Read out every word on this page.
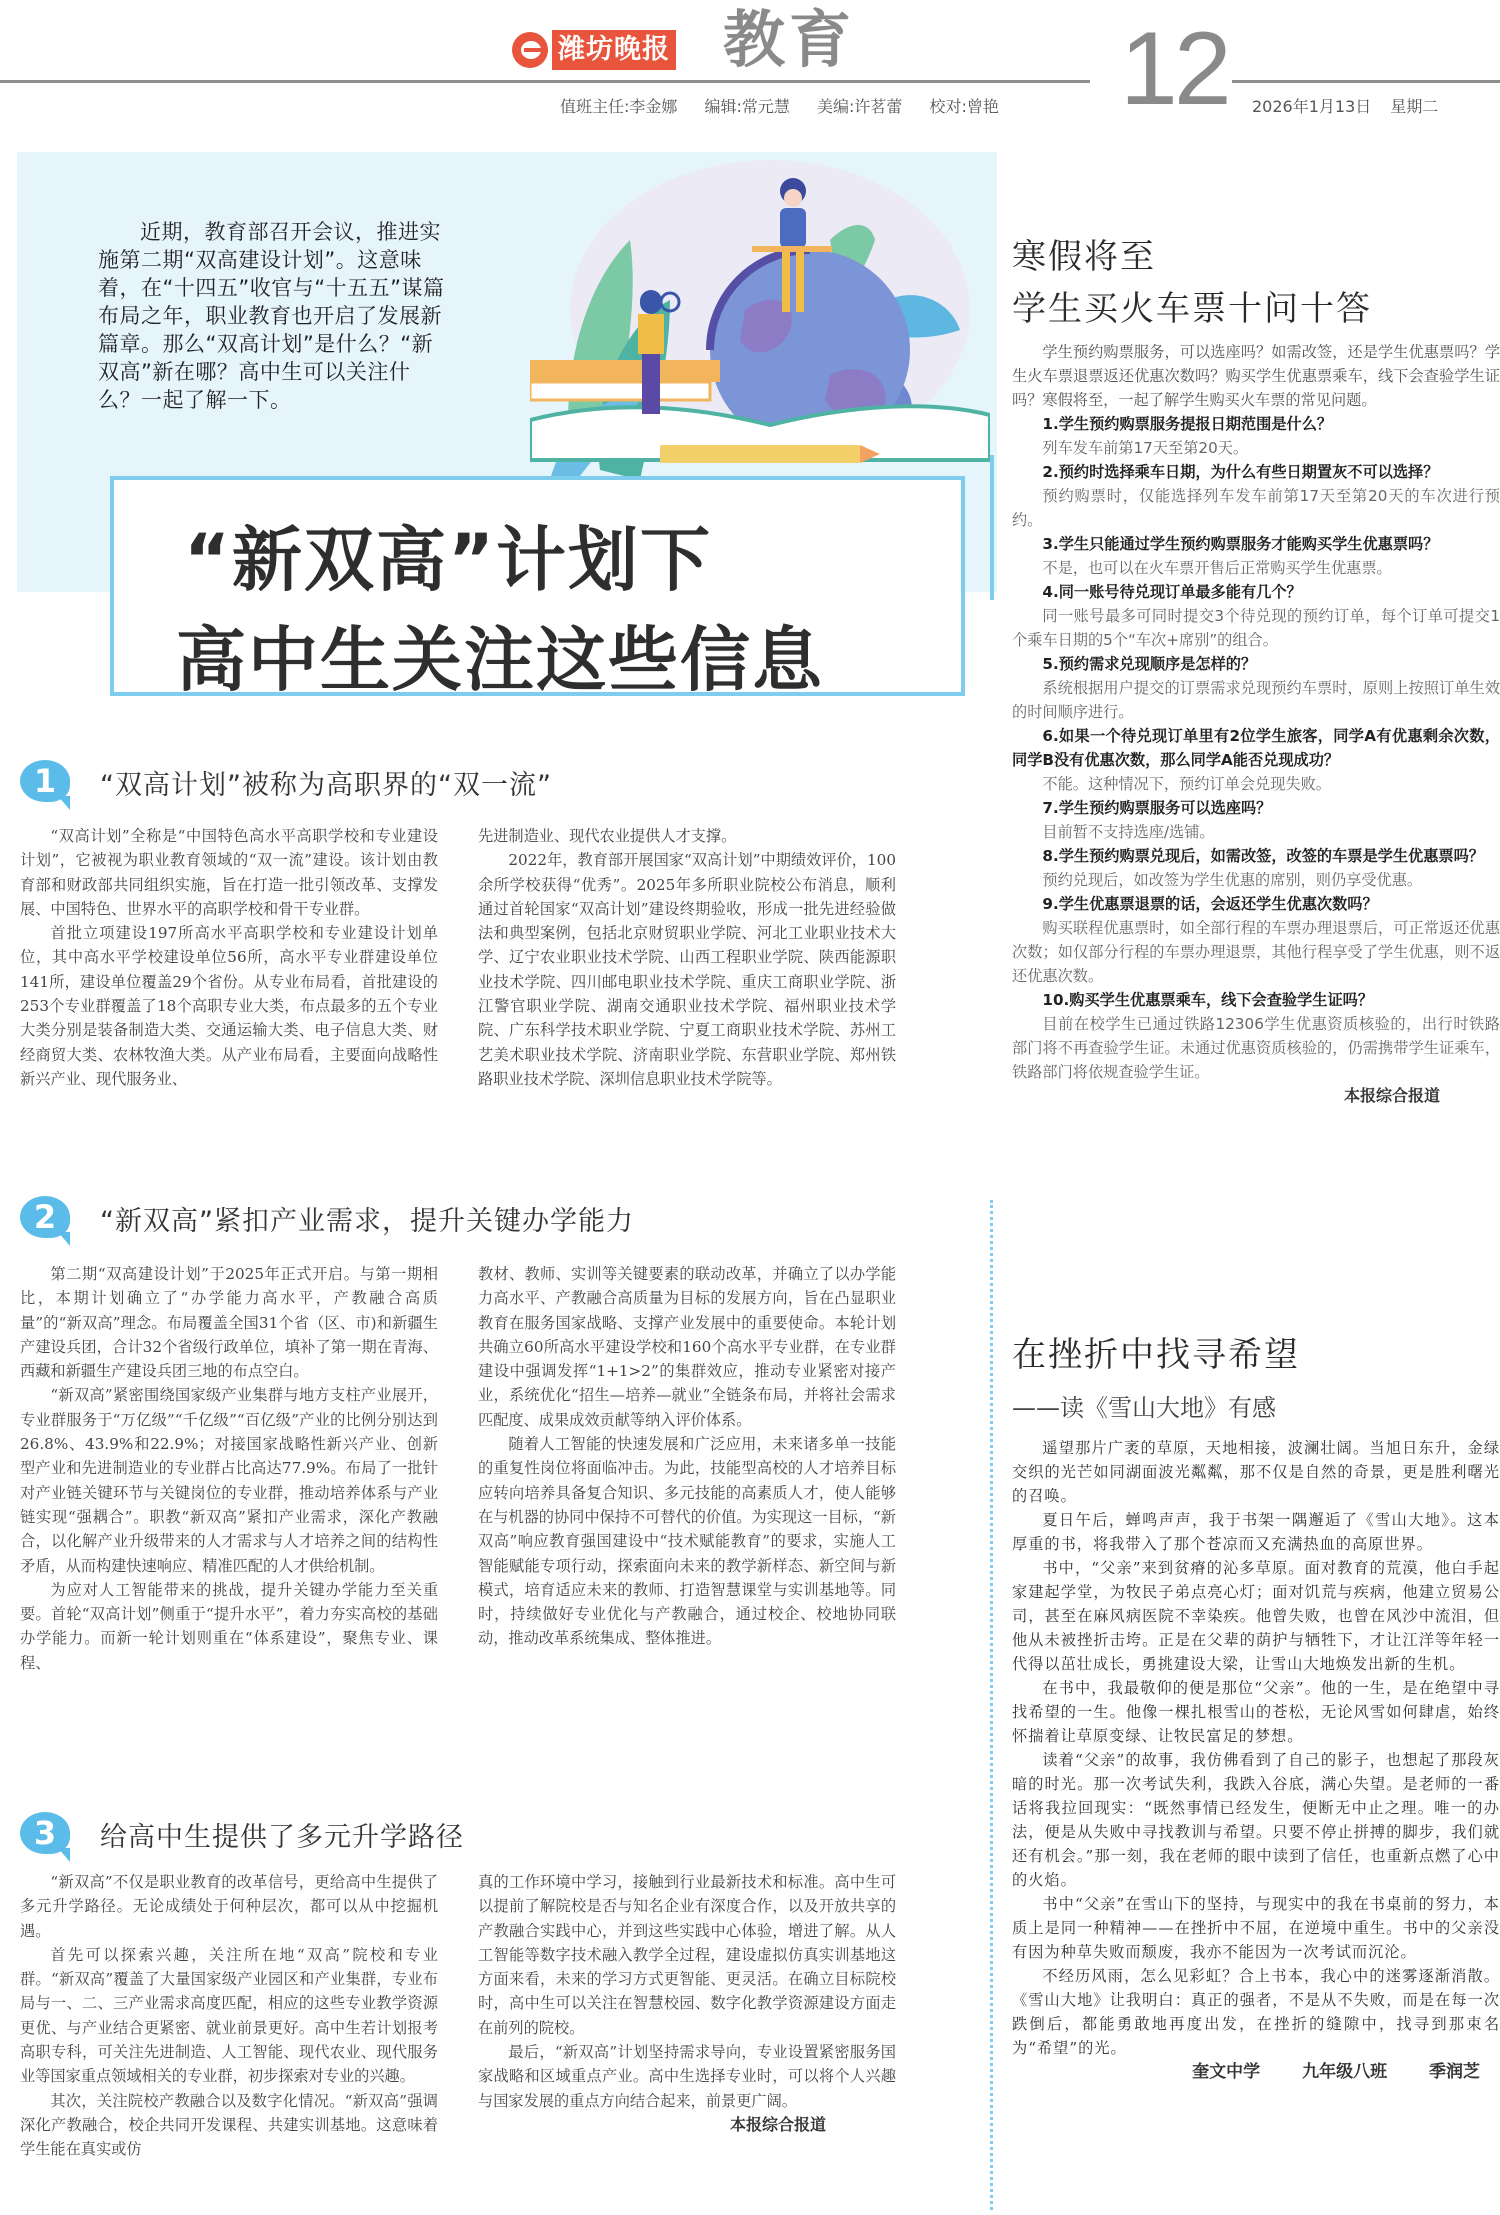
潍坊晚报 教育	12
值班主任:李金娜 编辑:常元慧 美编:许茗蕾 校对:曾艳	2026年1月13日 星期二

近期，教育部召开会议，推进实施第二期“双高建设计划”。这意味着，在“十四五”收官与“十五五”谋篇布局之年，职业教育也开启了发展新篇章。那么“双高计划”是什么？“新双高”新在哪？高中生可以关注什么？一起了解一下。

“新双高”计划下
高中生关注这些信息
1	“双高计划”被称为高职界的“双一流”

“双高计划”全称是“中国特色高水平高职学校和专业建设计划”，它被视为职业教育领域的“双一流”建设。该计划由教育部和财政部共同组织实施，旨在打造一批引领改革、支撑发展、中国特色、世界水平的高职学校和骨干专业群。

首批立项建设197所高水平高职学校和专业建设计划单位，其中高水平学校建设单位56所，高水平专业群建设单位141所，建设单位覆盖29个省份。从专业布局看，首批建设的253个专业群覆盖了18个高职专业大类，布点最多的五个专业大类分别是装备制造大类、交通运输大类、电子信息大类、财经商贸大类、农林牧渔大类。从产业布局看，主要面向战略性新兴产业、现代服务业、

先进制造业、现代农业提供人才支撑。

2022年，教育部开展国家“双高计划”中期绩效评价，100余所学校获得“优秀”。2025年多所职业院校公布消息，顺利通过首轮国家“双高计划”建设终期验收，形成一批先进经验做法和典型案例，包括北京财贸职业学院、河北工业职业技术大学、辽宁农业职业技术学院、山西工程职业学院、陕西能源职业技术学院、四川邮电职业技术学院、重庆工商职业学院、浙江警官职业学院、湖南交通职业技术学院、福州职业技术学院、广东科学技术职业学院、宁夏工商职业技术学院、苏州工艺美术职业技术学院、济南职业学院、东营职业学院、郑州铁路职业技术学院、深圳信息职业技术学院等。

2	“新双高”紧扣产业需求，提升关键办学能力

第二期“双高建设计划”于2025年正式开启。与第一期相比，本期计划确立了“办学能力高水平，产教融合高质量”的“新双高”理念。布局覆盖全国31个省（区、市)和新疆生产建设兵团，合计32个省级行政单位，填补了第一期在青海、西藏和新疆生产建设兵团三地的布点空白。

“新双高”紧密围绕国家级产业集群与地方支柱产业展开，专业群服务于“万亿级”“千亿级”“百亿级”产业的比例分别达到26.8%、43.9%和22.9%；对接国家战略性新兴产业、创新型产业和先进制造业的专业群占比高达77.9%。布局了一批针对产业链关键环节与关键岗位的专业群，推动培养体系与产业链实现“强耦合”。职教“新双高”紧扣产业需求，深化产教融合，以化解产业升级带来的人才需求与人才培养之间的结构性矛盾，从而构建快速响应、精准匹配的人才供给机制。

为应对人工智能带来的挑战，提升关键办学能力至关重要。首轮“双高计划”侧重于“提升水平”，着力夯实高校的基础办学能力。而新一轮计划则重在“体系建设”，聚焦专业、课程、

教材、教师、实训等关键要素的联动改革，并确立了以办学能力高水平、产教融合高质量为目标的发展方向，旨在凸显职业教育在服务国家战略、支撑产业发展中的重要使命。本轮计划共确立60所高水平建设学校和160个高水平专业群，在专业群建设中强调发挥“1+1>2”的集群效应，推动专业紧密对接产业，系统优化“招生—培养—就业”全链条布局，并将社会需求匹配度、成果成效贡献等纳入评价体系。

随着人工智能的快速发展和广泛应用，未来诸多单一技能的重复性岗位将面临冲击。为此，技能型高校的人才培养目标应转向培养具备复合知识、多元技能的高素质人才，使人能够在与机器的协同中保持不可替代的价值。为实现这一目标，“新双高”响应教育强国建设中“技术赋能教育”的要求，实施人工智能赋能专项行动，探索面向未来的教学新样态、新空间与新模式，培育适应未来的教师、打造智慧课堂与实训基地等。同时，持续做好专业优化与产教融合，通过校企、校地协同联动，推动改革系统集成、整体推进。

3	给高中生提供了多元升学路径

“新双高”不仅是职业教育的改革信号，更给高中生提供了多元升学路径。无论成绩处于何种层次，都可以从中挖掘机遇。

首先可以探索兴趣，关注所在地“双高”院校和专业群。“新双高”覆盖了大量国家级产业园区和产业集群，专业布局与一、二、三产业需求高度匹配，相应的这些专业教学资源更优、与产业结合更紧密、就业前景更好。高中生若计划报考高职专科，可关注先进制造、人工智能、现代农业、现代服务业等国家重点领域相关的专业群，初步探索对专业的兴趣。

其次，关注院校产教融合以及数字化情况。“新双高”强调深化产教融合，校企共同开发课程、共建实训基地。这意味着学生能在真实或仿

真的工作环境中学习，接触到行业最新技术和标准。高中生可以提前了解院校是否与知名企业有深度合作，以及开放共享的产教融合实践中心，并到这些实践中心体验，增进了解。从人工智能等数字技术融入教学全过程，建设虚拟仿真实训基地这方面来看，未来的学习方式更智能、更灵活。在确立目标院校时，高中生可以关注在智慧校园、数字化教学资源建设方面走在前列的院校。

最后，“新双高”计划坚持需求导向，专业设置紧密服务国家战略和区域重点产业。高中生选择专业时，可以将个人兴趣与国家发展的重点方向结合起来，前景更广阔。

本报综合报道

寒假将至
学生买火车票十问十答

学生预约购票服务，可以选座吗？如需改签，还是学生优惠票吗？学生火车票退票返还优惠次数吗？购买学生优惠票乘车，线下会查验学生证吗？寒假将至，一起了解学生购买火车票的常见问题。

1.学生预约购票服务提报日期范围是什么？

列车发车前第17天至第20天。

2.预约时选择乘车日期，为什么有些日期置灰不可以选择？

预约购票时，仅能选择列车发车前第17天至第20天的车次进行预约。

3.学生只能通过学生预约购票服务才能购买学生优惠票吗？

不是，也可以在火车票开售后正常购买学生优惠票。

4.同一账号待兑现订单最多能有几个？

同一账号最多可同时提交3个待兑现的预约订单，每个订单可提交1个乘车日期的5个“车次+席别”的组合。

5.预约需求兑现顺序是怎样的？

系统根据用户提交的订票需求兑现预约车票时，原则上按照订单生效的时间顺序进行。

6.如果一个待兑现订单里有2位学生旅客，同学A有优惠剩余次数，同学B没有优惠次数，那么同学A能否兑现成功？

不能。这种情况下，预约订单会兑现失败。

7.学生预约购票服务可以选座吗？

目前暂不支持选座/选铺。

8.学生预约购票兑现后，如需改签，改签的车票是学生优惠票吗？

预约兑现后，如改签为学生优惠的席别，则仍享受优惠。

9.学生优惠票退票的话，会返还学生优惠次数吗？

购买联程优惠票时，如全部行程的车票办理退票后，可正常返还优惠次数；如仅部分行程的车票办理退票，其他行程享受了学生优惠，则不返还优惠次数。

10.购买学生优惠票乘车，线下会查验学生证吗？

目前在校学生已通过铁路12306学生优惠资质核验的，出行时铁路部门将不再查验学生证。未通过优惠资质核验的，仍需携带学生证乘车，铁路部门将依规查验学生证。

本报综合报道

在挫折中找寻希望
——读《雪山大地》有感

遥望那片广袤的草原，天地相接，波澜壮阔。当旭日东升，金绿交织的光芒如同湖面波光粼粼，那不仅是自然的奇景，更是胜利曙光的召唤。

夏日午后，蝉鸣声声，我于书架一隅邂逅了《雪山大地》。这本厚重的书，将我带入了那个苍凉而又充满热血的高原世界。

书中，“父亲”来到贫瘠的沁多草原。面对教育的荒漠，他白手起家建起学堂，为牧民子弟点亮心灯；面对饥荒与疾病，他建立贸易公司，甚至在麻风病医院不幸染疾。他曾失败，也曾在风沙中流泪，但他从未被挫折击垮。正是在父辈的荫护与牺牲下，才让江洋等年轻一代得以茁壮成长，勇挑建设大梁，让雪山大地焕发出新的生机。

在书中，我最敬仰的便是那位“父亲”。他的一生，是在绝望中寻找希望的一生。他像一棵扎根雪山的苍松，无论风雪如何肆虐，始终怀揣着让草原变绿、让牧民富足的梦想。

读着“父亲”的故事，我仿佛看到了自己的影子，也想起了那段灰暗的时光。那一次考试失利，我跌入谷底，满心失望。是老师的一番话将我拉回现实：“既然事情已经发生，便断无中止之理。唯一的办法，便是从失败中寻找教训与希望。只要不停止拼搏的脚步，我们就还有机会。”那一刻，我在老师的眼中读到了信任，也重新点燃了心中的火焰。

书中“父亲”在雪山下的坚持，与现实中的我在书桌前的努力，本质上是同一种精神——在挫折中不屈，在逆境中重生。书中的父亲没有因为种草失败而颓废，我亦不能因为一次考试而沉沦。

不经历风雨，怎么见彩虹？合上书本，我心中的迷雾逐渐消散。《雪山大地》让我明白：真正的强者，不是从不失败，而是在每一次跌倒后，都能勇敢地再度出发，在挫折的缝隙中，找寻到那束名为“希望”的光。

奎文中学 九年级八班 季润芝
